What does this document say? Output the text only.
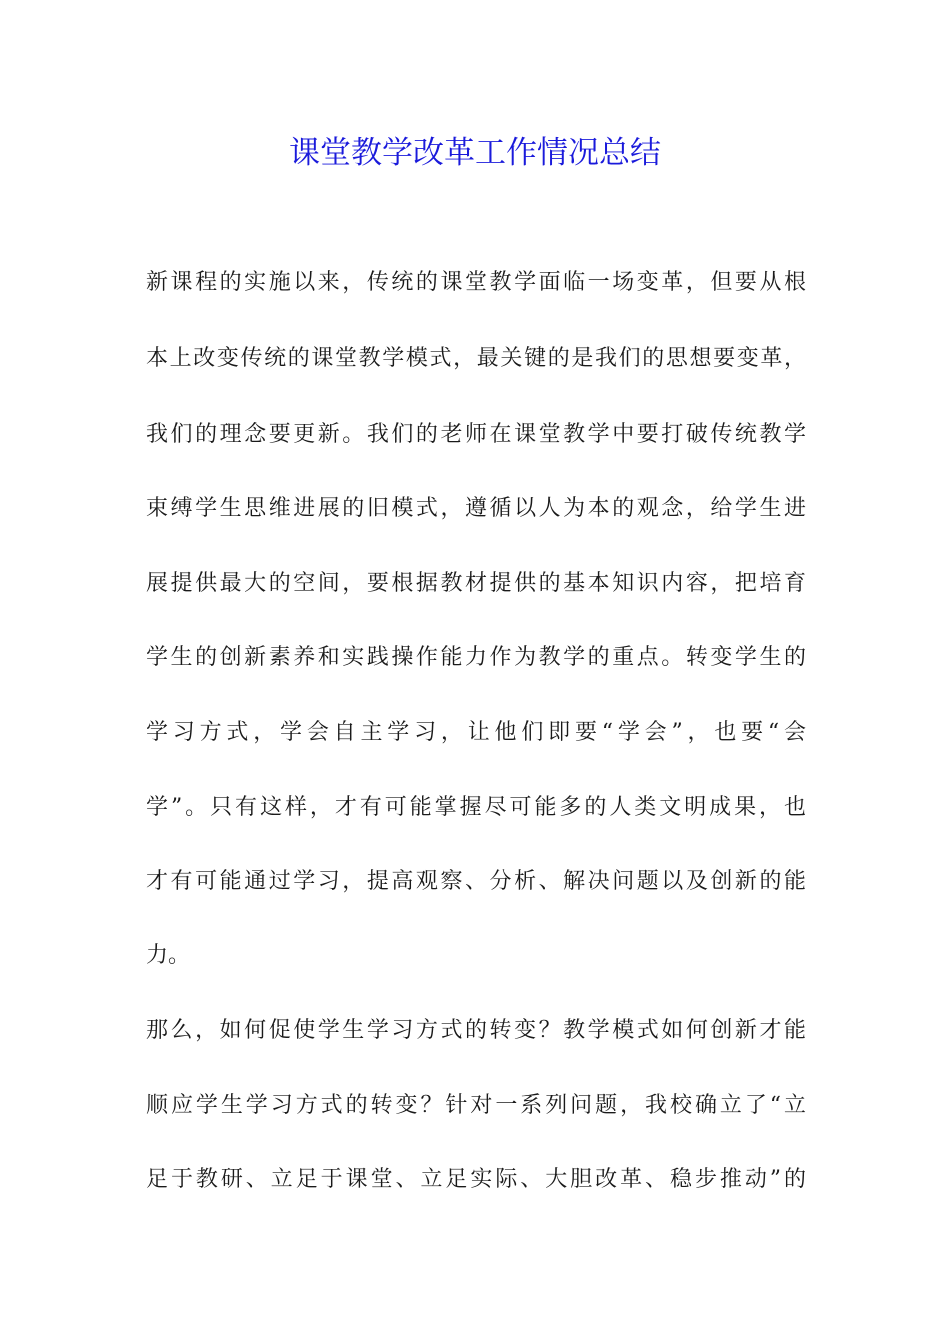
课堂教学改革工作情况总结
新课程的实施以来，传统的课堂教学面临一场变革，但要从根
本上改变传统的课堂教学模式，最关键的是我们的思想要变革，
我们的理念要更新。我们的老师在课堂教学中要打破传统教学
束缚学生思维进展的旧模式，遵循以人为本的观念，给学生进
展提供最大的空间，要根据教材提供的基本知识内容，把培育
学生的创新素养和实践操作能力作为教学的重点。转变学生的
学习方式，学会自主学习，让他们即要“学会”，也要“会
学”。只有这样，才有可能掌握尽可能多的人类文明成果，也
才有可能通过学习，提高观察、分析、解决问题以及创新的能
力。
那么，如何促使学生学习方式的转变？教学模式如何创新才能
顺应学生学习方式的转变？针对一系列问题，我校确立了“立
足于教研、立足于课堂、立足实际、大胆改革、稳步推动”的
